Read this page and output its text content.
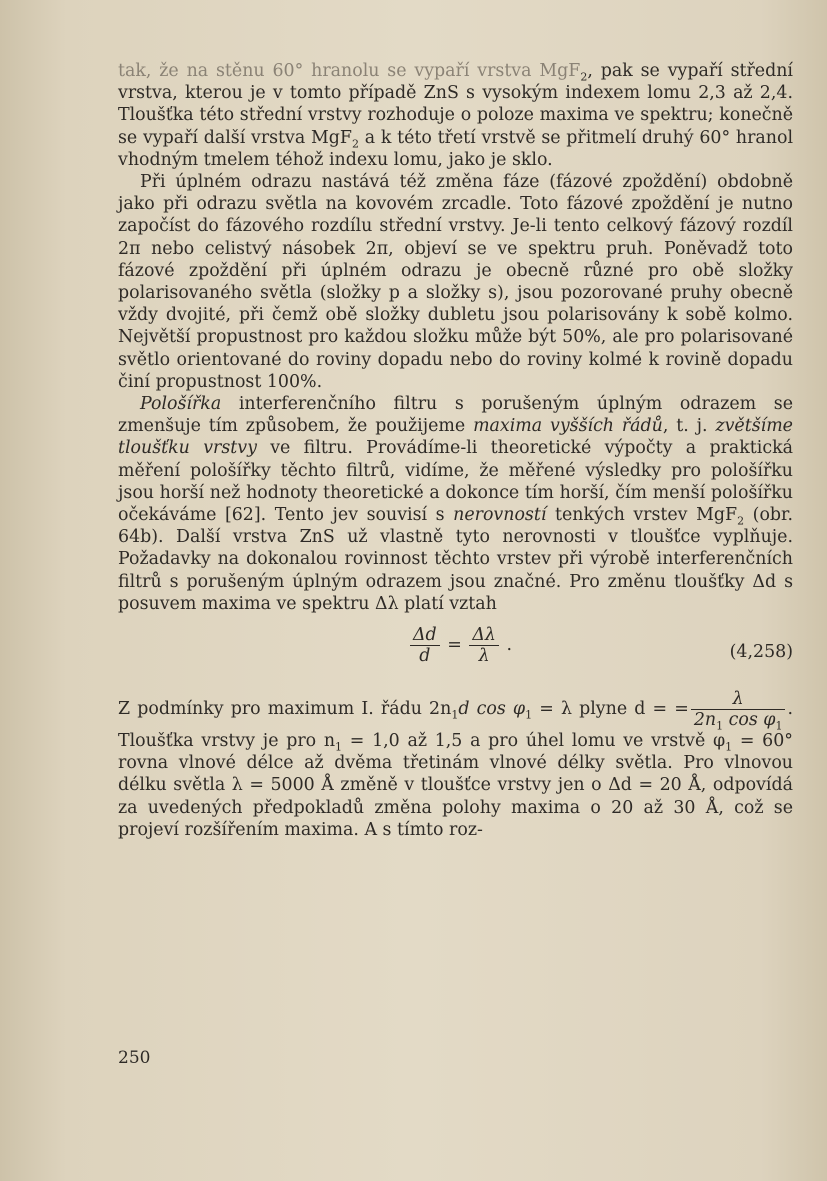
tak, že na stěnu 60° hranolu se vypaří vrstva MgF$_2$, pak se vypaří střední vrstva, kterou je v tomto případě ZnS s vysokým indexem lomu 2,3 až 2,4. Tloušťka této střední vrstvy rozhoduje o poloze maxima ve spektru; konečně se vypaří další vrstva MgF$_2$ a k této třetí vrstvě se přitmelí druhý 60° hranol vhodným tmelem téhož indexu lomu, jako je sklo.

Při úplném odrazu nastává též změna fáze (fázové zpoždění) obdobně jako při odrazu světla na kovovém zrcadle. Toto fázové zpoždění je nutno započíst do fázového rozdílu střední vrstvy. Je-li tento celkový fázový rozdíl 2π nebo celistvý násobek 2π, objeví se ve spektru pruh. Poněvadž toto fázové zpoždění při úplném odrazu je obecně různé pro obě složky polarisovaného světla (složky p a složky s), jsou pozorované pruhy obecně vždy dvojité, při čemž obě složky dubletu jsou polarisovány k sobě kolmo. Největší propustnost pro každou složku může být 50%, ale pro polarisované světlo orientované do roviny dopadu nebo do roviny kolmé k rovině dopadu činí propustnost 100%.

Pološířka interferenčního filtru s porušeným úplným odrazem se zmenšuje tím způsobem, že použijeme maxima vyšších řádů, t. j. zvětšíme tloušťku vrstvy ve filtru. Provádíme-li theoretické výpočty a praktická měření pološířky těchto filtrů, vidíme, že měřené výsledky pro pološířku jsou horší než hodnoty theoretické a dokonce tím horší, čím menší pološířku očekáváme [62]. Tento jev souvisí s nerovností tenkých vrstev MgF$_2$ (obr. 64b). Další vrstva ZnS už vlastně tyto nerovnosti v tloušťce vyplňuje. Požadavky na dokonalou rovinnost těchto vrstev při výrobě interferenčních filtrů s porušeným úplným odrazem jsou značné. Pro změnu tloušťky Δd s posuvem maxima ve spektru Δλ platí vztah

$\frac{\Delta d}{d} = \frac{\Delta\lambda}{\lambda}$ .	(4,258)

Z podmínky pro maximum I. řádu $2n_1d$ $\cos \varphi_1 = \lambda$ plyne d = = $\frac{\lambda}{2n_1 \cos \varphi_1}$ . Tloušťka vrstvy je pro $n_1 = 1,0$ až 1,5 a pro úhel lomu ve vrstvě $\varphi_1 = 60^\circ$ rovna vlnové délce až dvěma třetinám vlnové délky světla. Pro vlnovou délku světla λ = 5000 Å změně v tloušťce vrstvy jen o Δd = 20 Å, odpovídá za uvedených předpokladů změna polohy maxima o 20 až 30 Å, což se projeví rozšířením maxima. A s tímto roz-

250
